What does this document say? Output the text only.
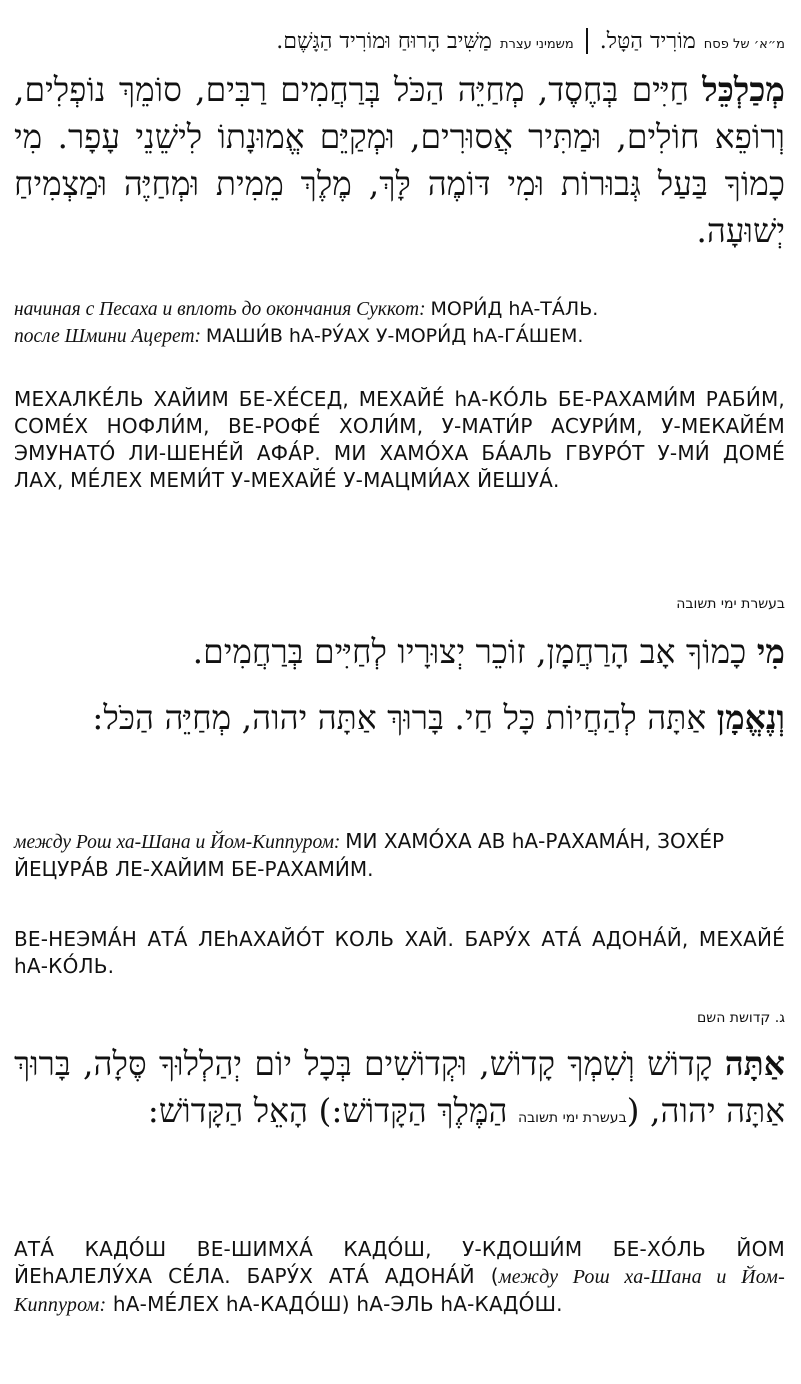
מ״א׳ של פסח
מוֹרִיד הַטָּל.
משמיני עצרת
מַשִּׁיב הָרוּחַ וּמוֹרִיד הַגָּשֶׁם.
מְכַלְכֵּל חַיִּים בְּחֶסֶד, מְחַיֵּה הַכֹּל בְּרַחֲמִים רַבִּים, סוֹמֵךְ נוֹפְלִים, וְרוֹפֵא חוֹלִים, וּמַתִּיר אֲסוּרִים, וּמְקַיֵּם אֱמוּנָתוֹ לִישֵׁנֵי עָפָר. מִי כָמוֹךָ בַּעַל גְּבוּרוֹת וּמִי דּוֹמֶה לָּךְ, מֶלֶךְ מֵמִית וּמְחַיֶּה וּמַצְמִיחַ יְשׁוּעָה.
начиная с Песаха и вплоть до окончания Суккот: МОРИ́Д hА-ТА́ЛЬ.
после Шмини Ацерет: МАШИ́В hА-РУ́АХ У-МОРИ́Д hА-ГА́ШЕМ.
МЕХАЛКЕ́ЛЬ ХАЙИМ БЕ-ХЕ́СЕД, МЕХАЙЕ́ hА-КО́ЛЬ БЕ-РАХАМИ́М РАБИ́М, СОМЕ́Х НОФЛИ́М, ВЕ-РОФЕ́ ХОЛИ́М, У-МАТИ́Р АСУРИ́М, У-МЕКАЙЕ́М ЭМУНАТО́ ЛИ-ШЕНЕ́Й АФА́Р. МИ ХАМО́ХА БА́АЛЬ ГВУРО́Т У-МИ́ ДОМЕ́ ЛАХ, МЕ́ЛЕХ МЕМИ́Т У-МЕХАЙЕ́ У-МАЦМИ́АХ ЙЕШУА́.
בעשרת ימי תשובה
מִי כָמוֹךָ אָב הָרַחֲמָן, זוֹכֵר יְצוּרָיו לְחַיִּים בְּרַחֲמִים.
וְנֶאֱמָן אַתָּה לְהַחֲיוֹת כָּל חַי. בָּרוּךְ אַתָּה יהוה, מְחַיֵּה הַכֹּל:
между Рош ха-Шана и Йом-Киппуром: МИ ХАМО́ХА АВ hА-РАХАМА́Н, ЗОХЕ́Р ЙЕЦУРА́В ЛЕ-ХАЙИМ БЕ-РАХАМИ́М.
ВЕ-НЕЭМА́Н АТА́ ЛЕhАХАЙО́Т КОЛЬ ХАЙ. БАРУ́Х АТА́ АДОНА́Й, МЕХАЙЕ́ hА-КО́ЛЬ.
ג. קדושת השם
אַתָּה קָדוֹשׁ וְשִׁמְךָ קָדוֹשׁ, וּקְדוֹשִׁים בְּכָל יוֹם יְהַלְלוּךָ סֶּלָה, בָּרוּךְ אַתָּה יהוה, (בעשרת ימי תשובה הַמֶּלֶךְ הַקָּדוֹשׁ:) הָאֵל הַקָּדוֹשׁ:
АТА́ КАДО́Ш ВЕ-ШИМХА́ КАДО́Ш, У-КДОШИ́М БЕ-ХО́ЛЬ ЙОМ ЙЕhАЛЕЛУ́ХА СЕ́ЛА. БАРУ́Х АТА́ АДОНА́Й (между Рош ха-Шана и Йом-Киппуром: hА-МЕ́ЛЕХ hА-КАДО́Ш) hА-ЭЛЬ hА-КАДО́Ш.
